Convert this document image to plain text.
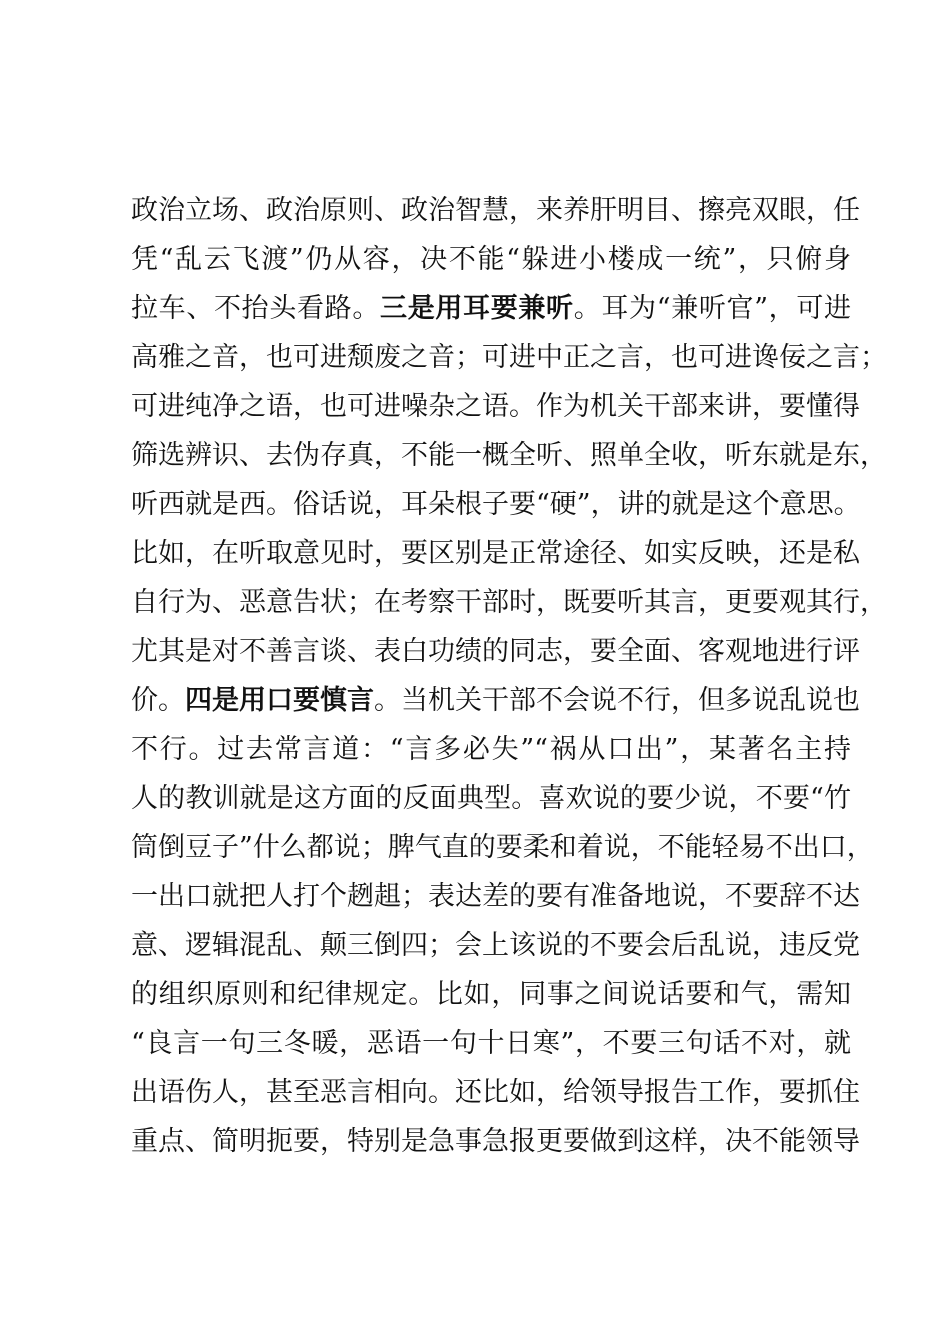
政治立场、政治原则、政治智慧，来养肝明目、擦亮双眼，任
凭“乱云飞渡”仍从容，决不能“躲进小楼成一统”，只俯身
拉车、不抬头看路。三是用耳要兼听。耳为“兼听官”，可进
高雅之音，也可进颓废之音；可进中正之言，也可进谗佞之言；
可进纯净之语，也可进噪杂之语。作为机关干部来讲，要懂得
筛选辨识、去伪存真，不能一概全听、照单全收，听东就是东，
听西就是西。俗话说，耳朵根子要“硬”，讲的就是这个意思。
比如，在听取意见时，要区别是正常途径、如实反映，还是私
自行为、恶意告状；在考察干部时，既要听其言，更要观其行，
尤其是对不善言谈、表白功绩的同志，要全面、客观地进行评
价。四是用口要慎言。当机关干部不会说不行，但多说乱说也
不行。过去常言道：“言多必失”“祸从口出”，某著名主持
人的教训就是这方面的反面典型。喜欢说的要少说，不要“竹
筒倒豆子”什么都说；脾气直的要柔和着说，不能轻易不出口，
一出口就把人打个趔趄；表达差的要有准备地说，不要辞不达
意、逻辑混乱、颠三倒四；会上该说的不要会后乱说，违反党
的组织原则和纪律规定。比如，同事之间说话要和气，需知
“良言一句三冬暖，恶语一句十日寒”，不要三句话不对，就
出语伤人，甚至恶言相向。还比如，给领导报告工作，要抓住
重点、简明扼要，特别是急事急报更要做到这样，决不能领导
